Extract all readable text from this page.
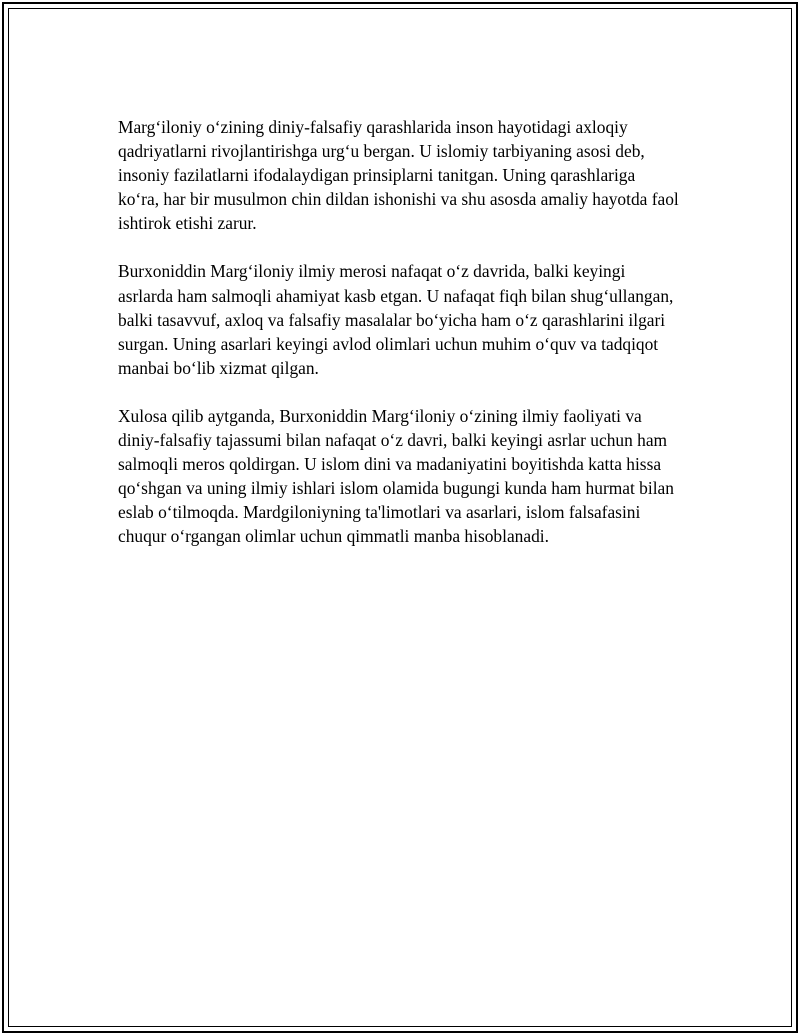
Marg‘iloniy o‘zining diniy-falsafiy qarashlarida inson hayotidagi axloqiy qadriyatlarni rivojlantirishga urg‘u bergan. U islomiy tarbiyaning asosi deb, insoniy fazilatlarni ifodalaydigan prinsiplarni tanitgan. Uning qarashlariga ko‘ra, har bir musulmon chin dildan ishonishi va shu asosda amaliy hayotda faol ishtirok etishi zarur.

Burxoniddin Marg‘iloniy ilmiy merosi nafaqat o‘z davrida, balki keyingi asrlarda ham salmoqli ahamiyat kasb etgan. U nafaqat fiqh bilan shug‘ullangan, balki tasavvuf, axloq va falsafiy masalalar bo‘yicha ham o‘z qarashlarini ilgari surgan. Uning asarlari keyingi avlod olimlari uchun muhim o‘quv va tadqiqot manbai bo‘lib xizmat qilgan.

Xulosa qilib aytganda, Burxoniddin Marg‘iloniy o‘zining ilmiy faoliyati va diniy-falsafiy tajassumi bilan nafaqat o‘z davri, balki keyingi asrlar uchun ham salmoqli meros qoldirgan. U islom dini va madaniyatini boyitishda katta hissa qo‘shgan va uning ilmiy ishlari islom olamida bugungi kunda ham hurmat bilan eslab o‘tilmoqda. Mardgiloniyning ta'limotlari va asarlari, islom falsafasini chuqur o‘rgangan olimlar uchun qimmatli manba hisoblanadi.
